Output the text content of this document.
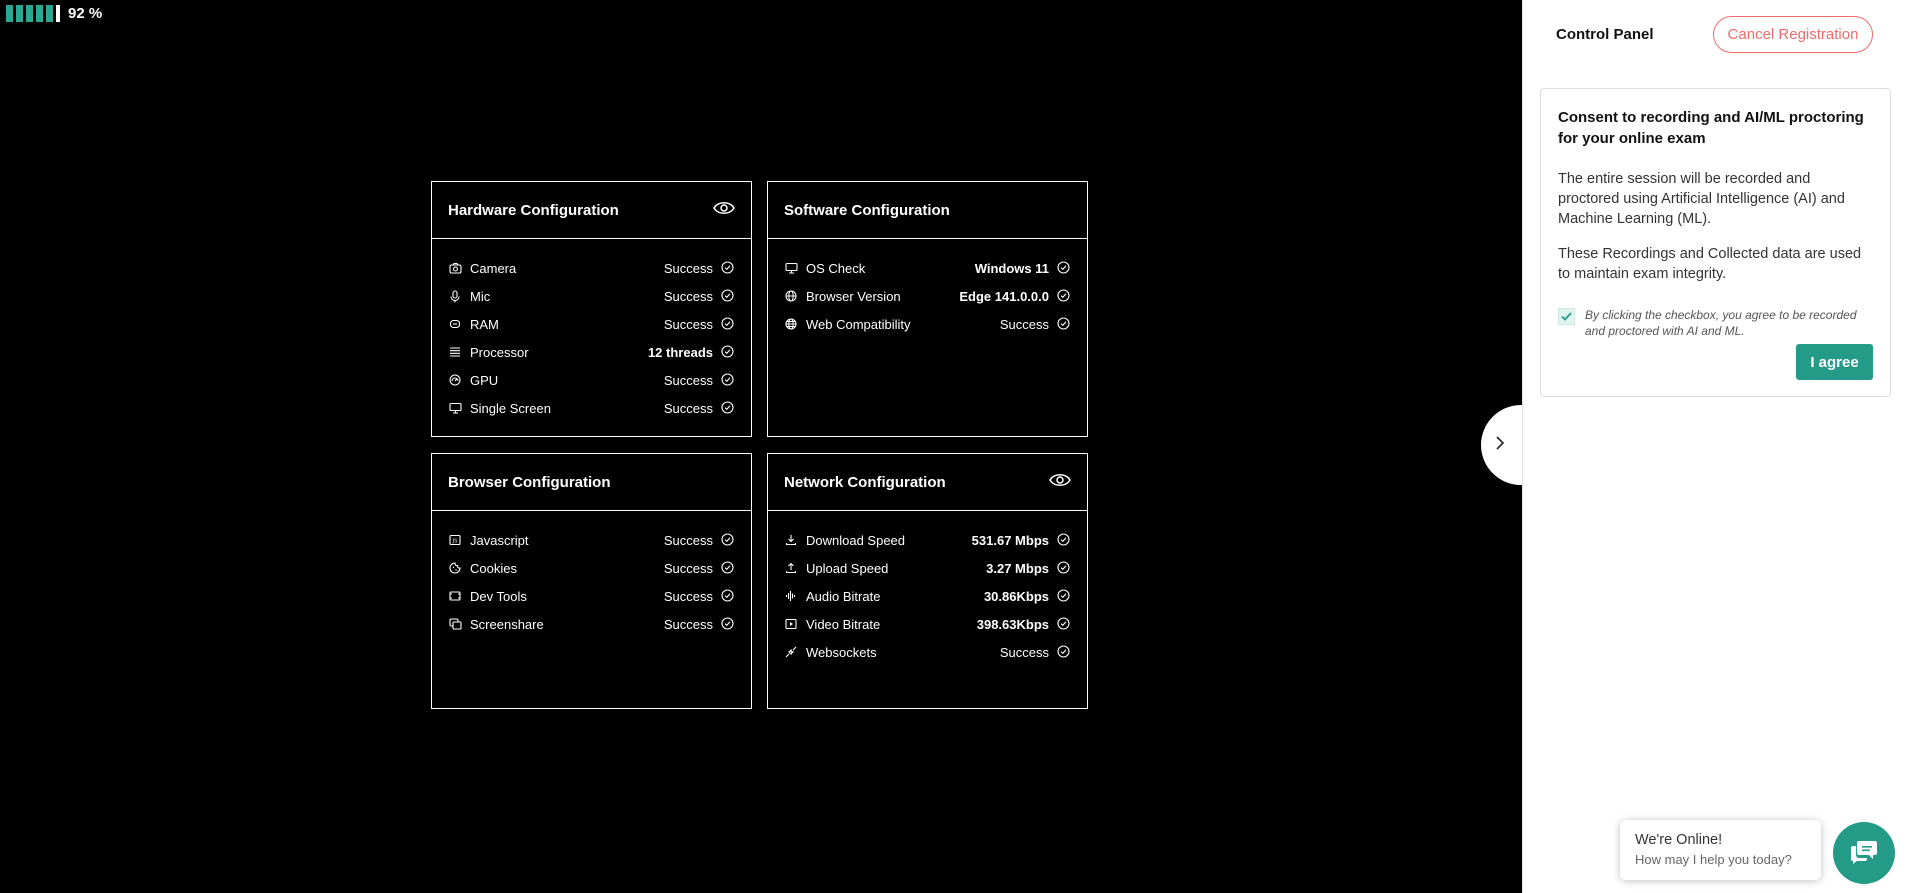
92 %
Hardware Configuration
Camera	Success
Mic	Success
RAM	Success
Processor	12 threads
GPU	Success
Single Screen	Success
Software Configuration
OS Check	Windows 11
Browser Version	Edge 141.0.0.0
Web Compatibility	Success
Browser Configuration
JS Javascript	Success
Cookies	Success
Dev Tools	Success
Screenshare	Success
Network Configuration
Download Speed	531.67 Mbps
Upload Speed	3.27 Mbps
Audio Bitrate	30.86Kbps
Video Bitrate	398.63Kbps
Websockets	Success
Control Panel	Cancel Registration
Consent to recording and AI/ML proctoring for your online exam

The entire session will be recorded and proctored using Artificial Intelligence (AI) and Machine Learning (ML).

These Recordings and Collected data are used to maintain exam integrity.

By clicking the checkbox, you agree to be recorded and proctored with AI and ML.
I agree
We're Online!
How may I help you today?
